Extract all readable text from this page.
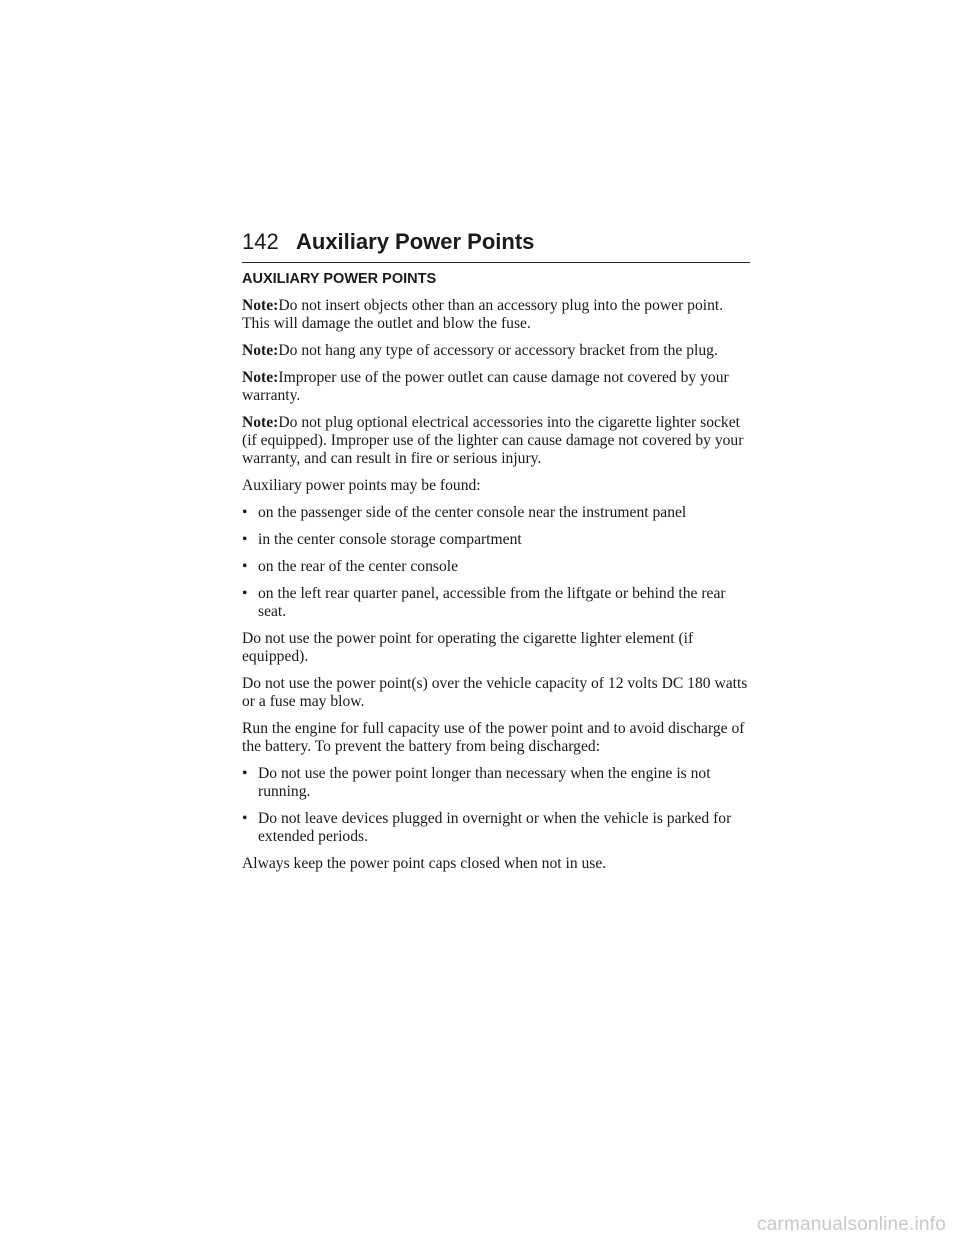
142 Auxiliary Power Points
AUXILIARY POWER POINTS

Note:Do not insert objects other than an accessory plug into the power point. This will damage the outlet and blow the fuse.

Note:Do not hang any type of accessory or accessory bracket from the plug.

Note:Improper use of the power outlet can cause damage not covered by your warranty.

Note:Do not plug optional electrical accessories into the cigarette lighter socket (if equipped). Improper use of the lighter can cause damage not covered by your warranty, and can result in fire or serious injury.

Auxiliary power points may be found:

• on the passenger side of the center console near the instrument panel
• in the center console storage compartment
• on the rear of the center console
• on the left rear quarter panel, accessible from the liftgate or behind the rear seat.

Do not use the power point for operating the cigarette lighter element (if equipped).

Do not use the power point(s) over the vehicle capacity of 12 volts DC 180 watts or a fuse may blow.

Run the engine for full capacity use of the power point and to avoid discharge of the battery. To prevent the battery from being discharged:

• Do not use the power point longer than necessary when the engine is not running.
• Do not leave devices plugged in overnight or when the vehicle is parked for extended periods.

Always keep the power point caps closed when not in use.

carmanualsonline.info
